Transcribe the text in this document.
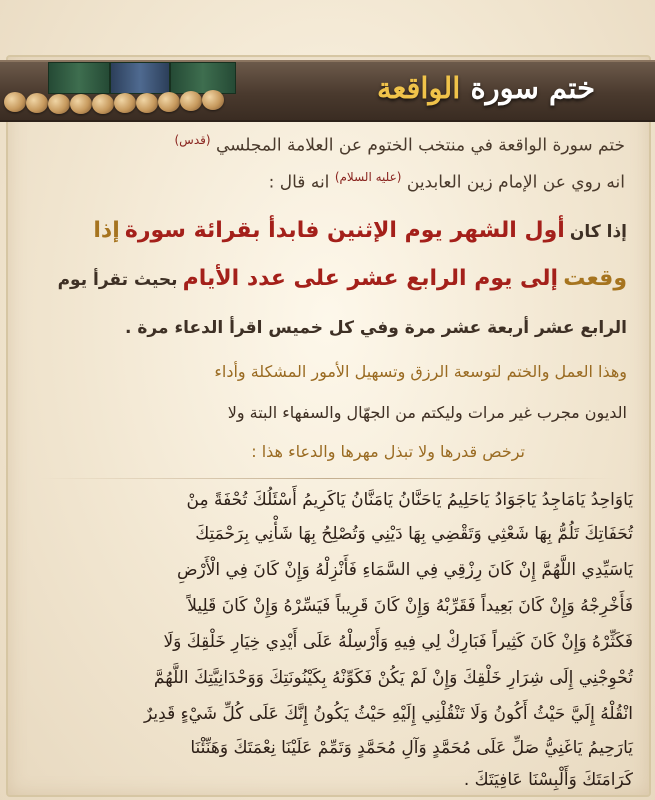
ختم سورة الواقعة
ختم سورة الواقعة في منتخب الختوم عن العلامة المجلسي $^{(قدس)}$
انه روي عن الإمام زين العابدين $^{(عليه السلام)}$ انه قال :
إذا كان أول الشهر يوم الإثنين فابدأ بقرائة سورة إذا
وقعت إلى يوم الرابع عشر على عدد الأيام بحيث تقرأ يوم
الرابع عشر أربعة عشر مرة وفي كل خميس اقرأ الدعاء مرة .
وهذا العمل والختم لتوسعة الرزق وتسهيل الأمور المشكلة وأداء
الديون مجرب غير مرات وليكتم من الجهّال والسفهاء البتة ولا
ترخص قدرها ولا تبذل مهرها والدعاء هذا :
يَاوَاحِدُ يَامَاجِدُ يَاجَوَادُ يَاحَلِيمُ يَاحَنَّانُ يَامَنَّانُ يَاكَرِيمُ أَسْئَلُكَ تُحْفَةً مِنْ
تُحَفَاتِكَ تَلُمُّ بِهَا شَعْثِي وَتَقْضِي بِهَا دَيْنِي وَتُصْلِحُ بِهَا شَأْنِي بِرَحْمَتِكَ
يَاسَيِّدِي اللَّهُمَّ إِنْ كَانَ رِزْقِي فِي السَّمَاءِ فَأَنْزِلْهُ وَإِنْ كَانَ فِي الْأَرْضِ
فَأَخْرِجْهُ وَإِنْ كَانَ بَعِيداً فَقَرِّبْهُ وَإِنْ كَانَ قَرِيباً فَيَسِّرْهُ وَإِنْ كَانَ قَلِيلاً
فَكَثِّرْهُ وَإِنْ كَانَ كَثِيراً فَبَارِكْ لِي فِيهِ وَأَرْسِلْهُ عَلَى أَيْدِي خِيَارِ خَلْقِكَ وَلَا
تُحْوِجْنِي إِلَى شِرَارِ خَلْقِكَ وَإِنْ لَمْ يَكُنْ فَكَوِّنْهُ بِكَيْنُونَتِكَ وَوَحْدَانِيَّتِكَ اللَّهُمَّ
انْقُلْهُ إِلَيَّ حَيْثُ أَكُونُ وَلَا تَنْقُلْنِي إِلَيْهِ حَيْثُ يَكُونُ إِنَّكَ عَلَى كُلِّ شَيْءٍ قَدِيرٌ
يَارَحِيمُ يَاغَنِيُّ صَلِّ عَلَى مُحَمَّدٍ وَآلِ مُحَمَّدٍ وَتَمِّمْ عَلَيْنَا نِعْمَتَكَ وَهَنِّئْنَا
كَرَامَتَكَ وَأَلْبِسْنَا عَافِيَتَكَ .
